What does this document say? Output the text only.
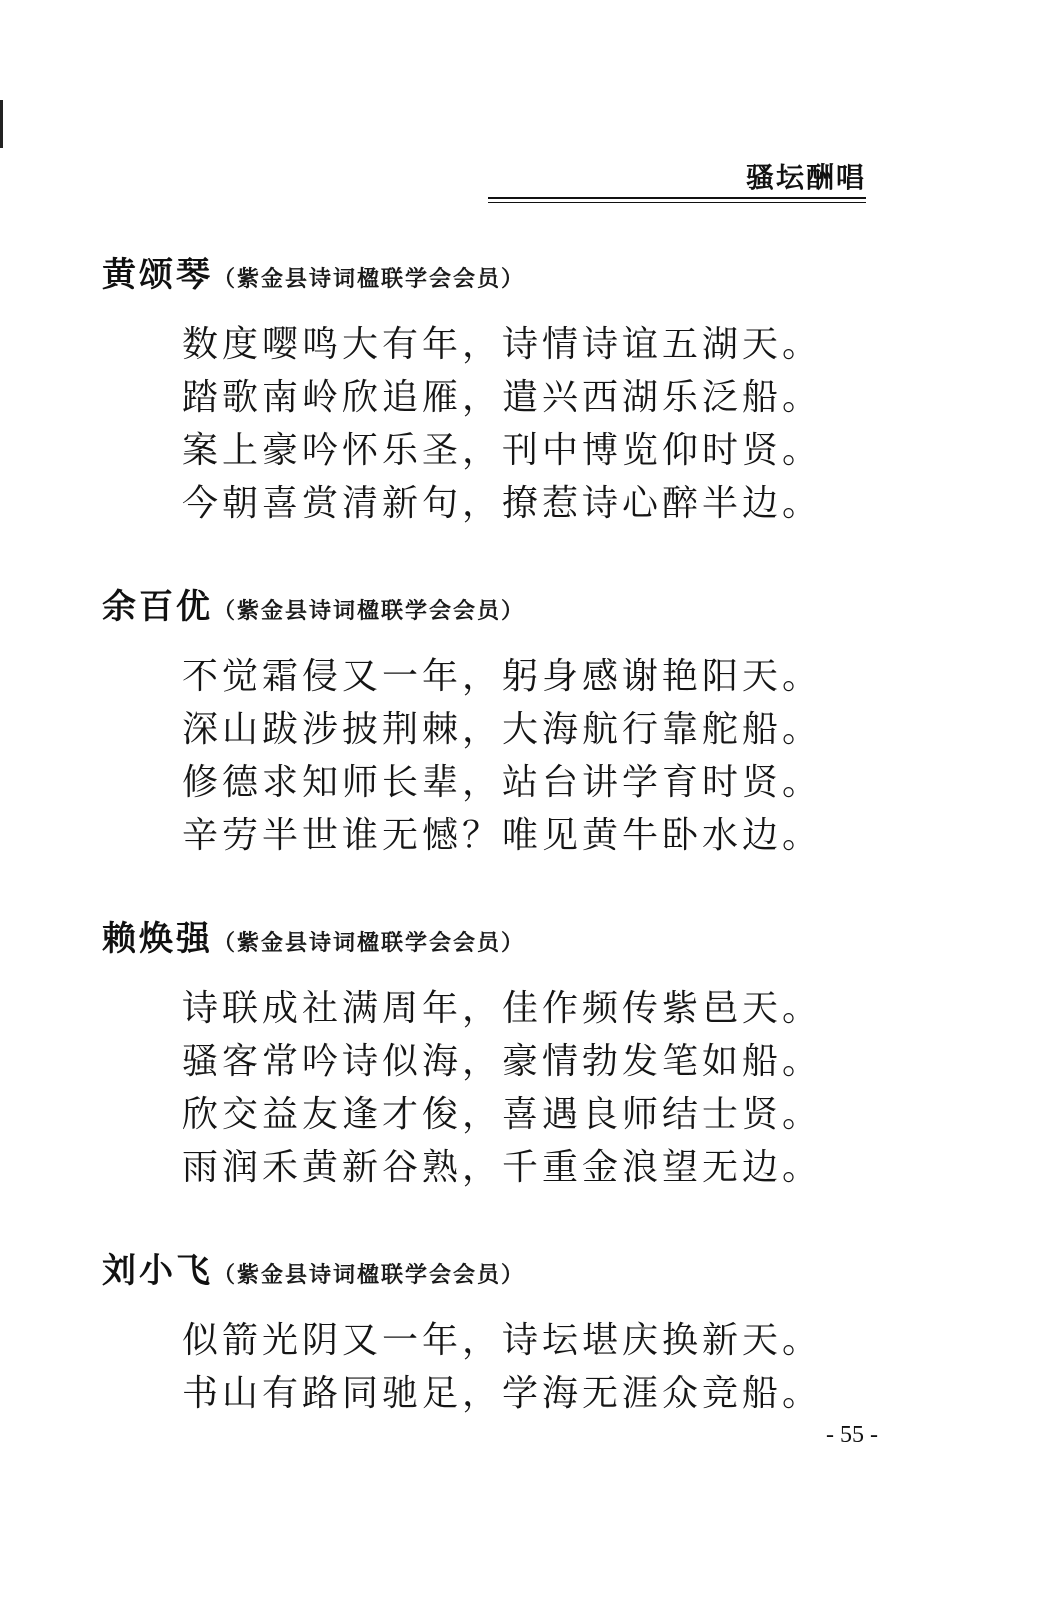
骚坛酬唱
黄颂琴（紫金县诗词楹联学会会员）
数度嘤鸣大有年，诗情诗谊五湖天。
踏歌南岭欣追雁，遣兴西湖乐泛船。
案上豪吟怀乐圣，刊中博览仰时贤。
今朝喜赏清新句，撩惹诗心醉半边。
余百优（紫金县诗词楹联学会会员）
不觉霜侵又一年，躬身感谢艳阳天。
深山跋涉披荆棘，大海航行靠舵船。
修德求知师长辈，站台讲学育时贤。
辛劳半世谁无憾？唯见黄牛卧水边。
赖焕强（紫金县诗词楹联学会会员）
诗联成社满周年，佳作频传紫邑天。
骚客常吟诗似海，豪情勃发笔如船。
欣交益友逢才俊，喜遇良师结士贤。
雨润禾黄新谷熟，千重金浪望无边。
刘小飞（紫金县诗词楹联学会会员）
似箭光阴又一年，诗坛堪庆换新天。
书山有路同驰足，学海无涯众竞船。
- 55 -
